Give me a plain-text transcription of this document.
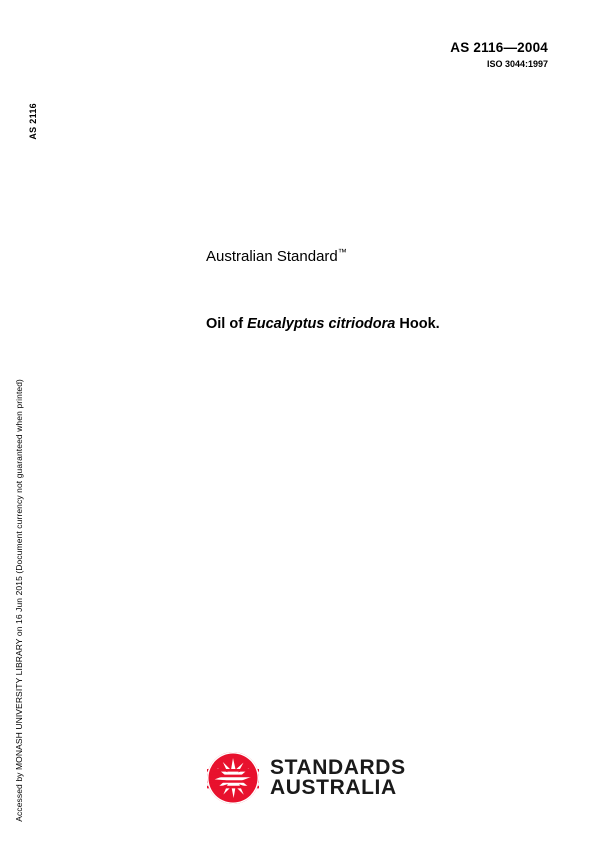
AS 2116—2004
ISO 3044:1997
AS 2116
Accessed by MONASH UNIVERSITY LIBRARY on 16 Jun 2015 (Document currency not guaranteed when printed)
Australian Standard™
Oil of Eucalyptus citriodora Hook.
STANDARDS
AUSTRALIA
